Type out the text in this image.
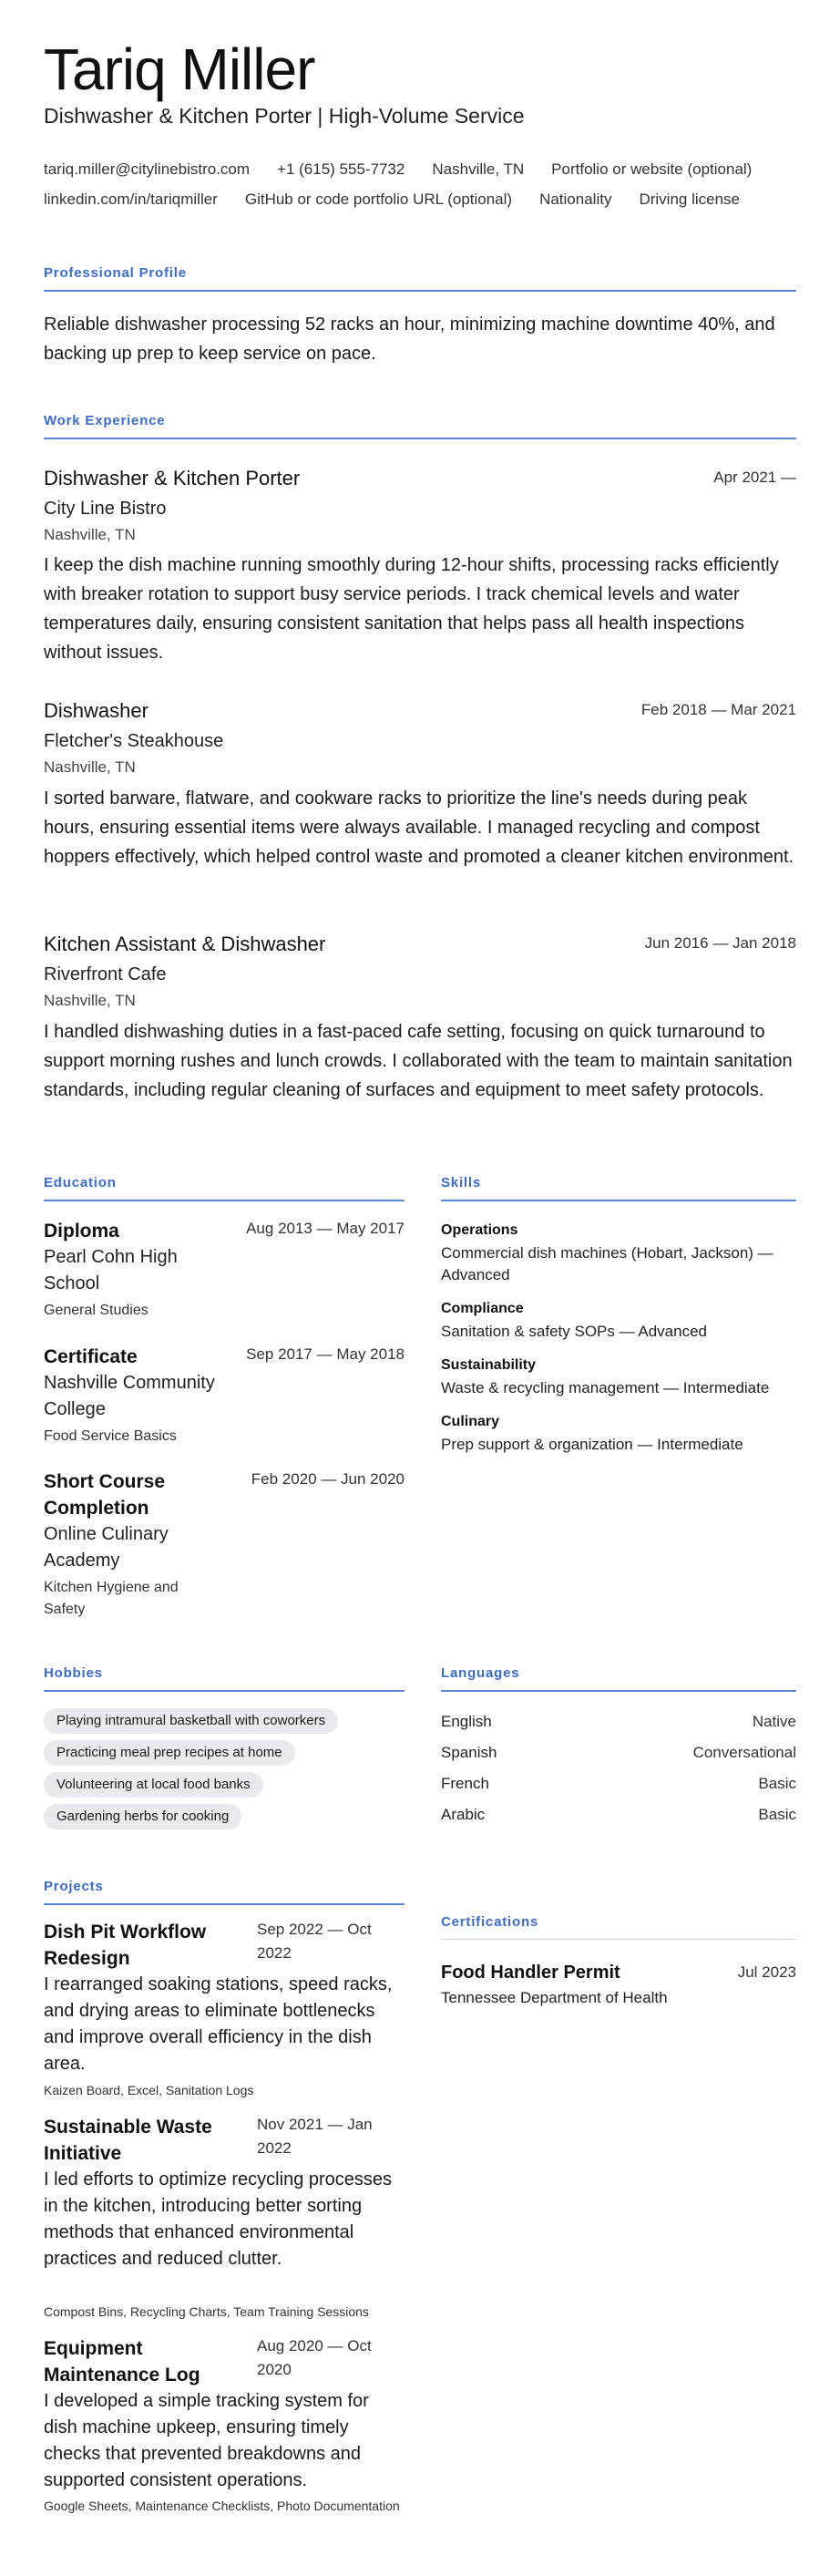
Tariq Miller
Dishwasher & Kitchen Porter | High-Volume Service
tariq.miller@citylinebistro.com +1 (615) 555-7732 Nashville, TN Portfolio or website (optional)
linkedin.com/in/tariqmiller GitHub or code portfolio URL (optional) Nationality Driving license
Professional Profile
Reliable dishwasher processing 52 racks an hour, minimizing machine downtime 40%, and backing up prep to keep service on pace.
Work Experience
Dishwasher & Kitchen Porter	Apr 2021 —
City Line Bistro
Nashville, TN
I keep the dish machine running smoothly during 12-hour shifts, processing racks efficiently with breaker rotation to support busy service periods. I track chemical levels and water temperatures daily, ensuring consistent sanitation that helps pass all health inspections without issues.
Dishwasher	Feb 2018 — Mar 2021
Fletcher's Steakhouse
Nashville, TN
I sorted barware, flatware, and cookware racks to prioritize the line's needs during peak hours, ensuring essential items were always available. I managed recycling and compost hoppers effectively, which helped control waste and promoted a cleaner kitchen environment.
Kitchen Assistant & Dishwasher	Jun 2016 — Jan 2018
Riverfront Cafe
Nashville, TN
I handled dishwashing duties in a fast-paced cafe setting, focusing on quick turnaround to support morning rushes and lunch crowds. I collaborated with the team to maintain sanitation standards, including regular cleaning of surfaces and equipment to meet safety protocols.
Education
Diploma	Aug 2013 — May 2017
Pearl Cohn High School
General Studies
Certificate	Sep 2017 — May 2018
Nashville Community College
Food Service Basics
Short Course Completion
Feb 2020 — Jun 2020
Online Culinary Academy
Kitchen Hygiene and Safety
Skills
Operations
Commercial dish machines (Hobart, Jackson) — Advanced
Compliance
Sanitation & safety SOPs — Advanced
Sustainability
Waste & recycling management — Intermediate
Culinary
Prep support & organization — Intermediate
Hobbies
Playing intramural basketball with coworkers
Practicing meal prep recipes at home
Volunteering at local food banks
Gardening herbs for cooking
Languages
English	Native
Spanish	Conversational
French	Basic
Arabic	Basic
Projects
Dish Pit Workflow Redesign
Sep 2022 — Oct 2022
I rearranged soaking stations, speed racks, and drying areas to eliminate bottlenecks and improve overall efficiency in the dish area.
Kaizen Board, Excel, Sanitation Logs
Sustainable Waste Initiative
Nov 2021 — Jan 2022
I led efforts to optimize recycling processes in the kitchen, introducing better sorting methods that enhanced environmental practices and reduced clutter.
Compost Bins, Recycling Charts, Team Training Sessions
Equipment Maintenance Log
Aug 2020 — Oct 2020
I developed a simple tracking system for dish machine upkeep, ensuring timely checks that prevented breakdowns and supported consistent operations.
Google Sheets, Maintenance Checklists, Photo Documentation
Certifications
Food Handler Permit	Jul 2023
Tennessee Department of Health
